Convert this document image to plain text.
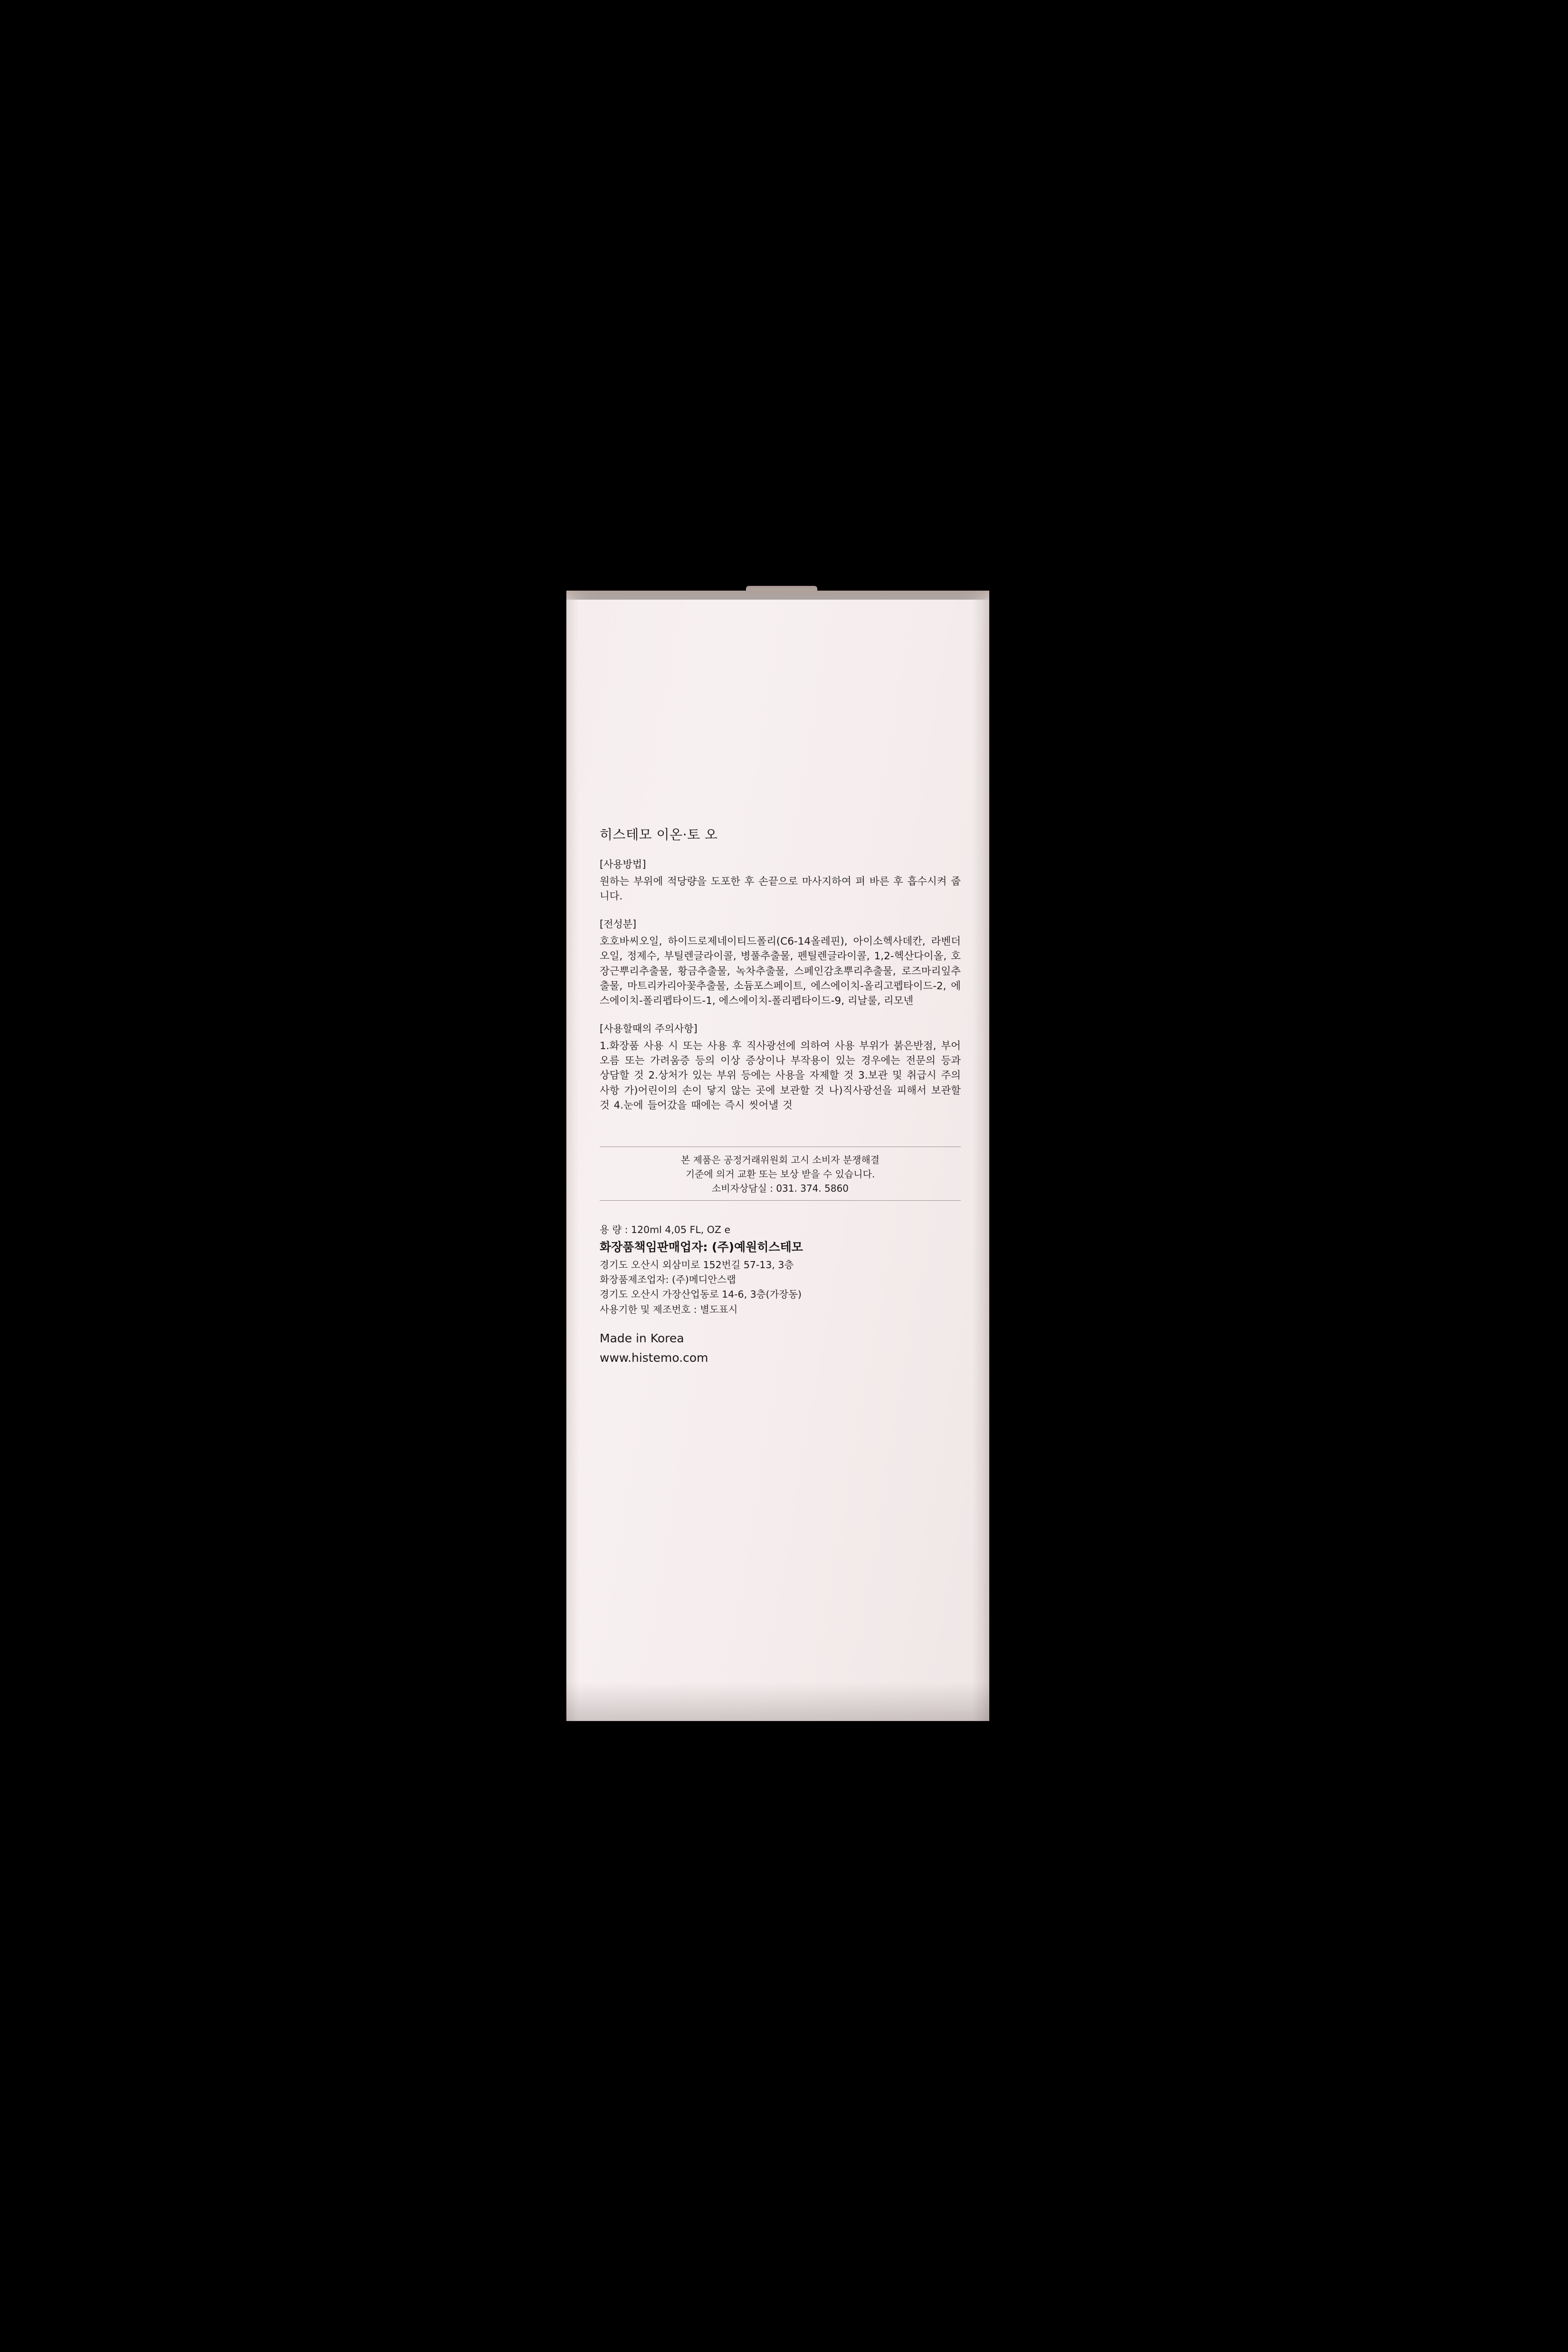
히스테모 이온·토 오
[사용방법]
원하는 부위에 적당량을 도포한 후 손끝으로 마사지하여 펴 바른 후 흡수시켜 줍니다.
[전성분]
호호바씨오일, 하이드로제네이티드폴리(C6-14올레핀), 아이소헥사데칸, 라벤더오일, 정제수, 부틸렌글라이콜, 병풀추출물, 펜틸렌글라이콜, 1,2-헥산다이올, 호장근뿌리추출물, 황금추출물, 녹차추출물, 스페인감초뿌리추출물, 로즈마리잎추출물, 마트리카리아꽃추출물, 소듐포스페이트, 에스에이치-올리고펩타이드-2, 에스에이치-폴리펩타이드-1, 에스에이치-폴리펩타이드-9, 리날룰, 리모넨
[사용할때의 주의사항]
1.화장품 사용 시 또는 사용 후 직사광선에 의하여 사용 부위가 붉은반점, 부어오름 또는 가려움증 등의 이상 증상이나 부작용이 있는 경우에는 전문의 등과 상담할 것 2.상처가 있는 부위 등에는 사용을 자제할 것 3.보관 및 취급시 주의사항 가)어린이의 손이 닿지 않는 곳에 보관할 것 나)직사광선을 피해서 보관할 것 4.눈에 들어갔을 때에는 즉시 씻어낼 것
본 제품은 공정거래위원회 고시 소비자 분쟁해결
기준에 의거 교환 또는 보상 받을 수 있습니다.
소비자상담실 : 031. 374. 5860
용 량 : 120ml 4,05 FL, OZ e
화장품책임판매업자: (주)예원히스테모
경기도 오산시 외삼미로 152번길 57-13, 3층
화장품제조업자: (주)메디안스랩
경기도 오산시 가장산업동로 14-6, 3층(가장동)
사용기한 및 제조번호 : 별도표시
Made in Korea
www.histemo.com
